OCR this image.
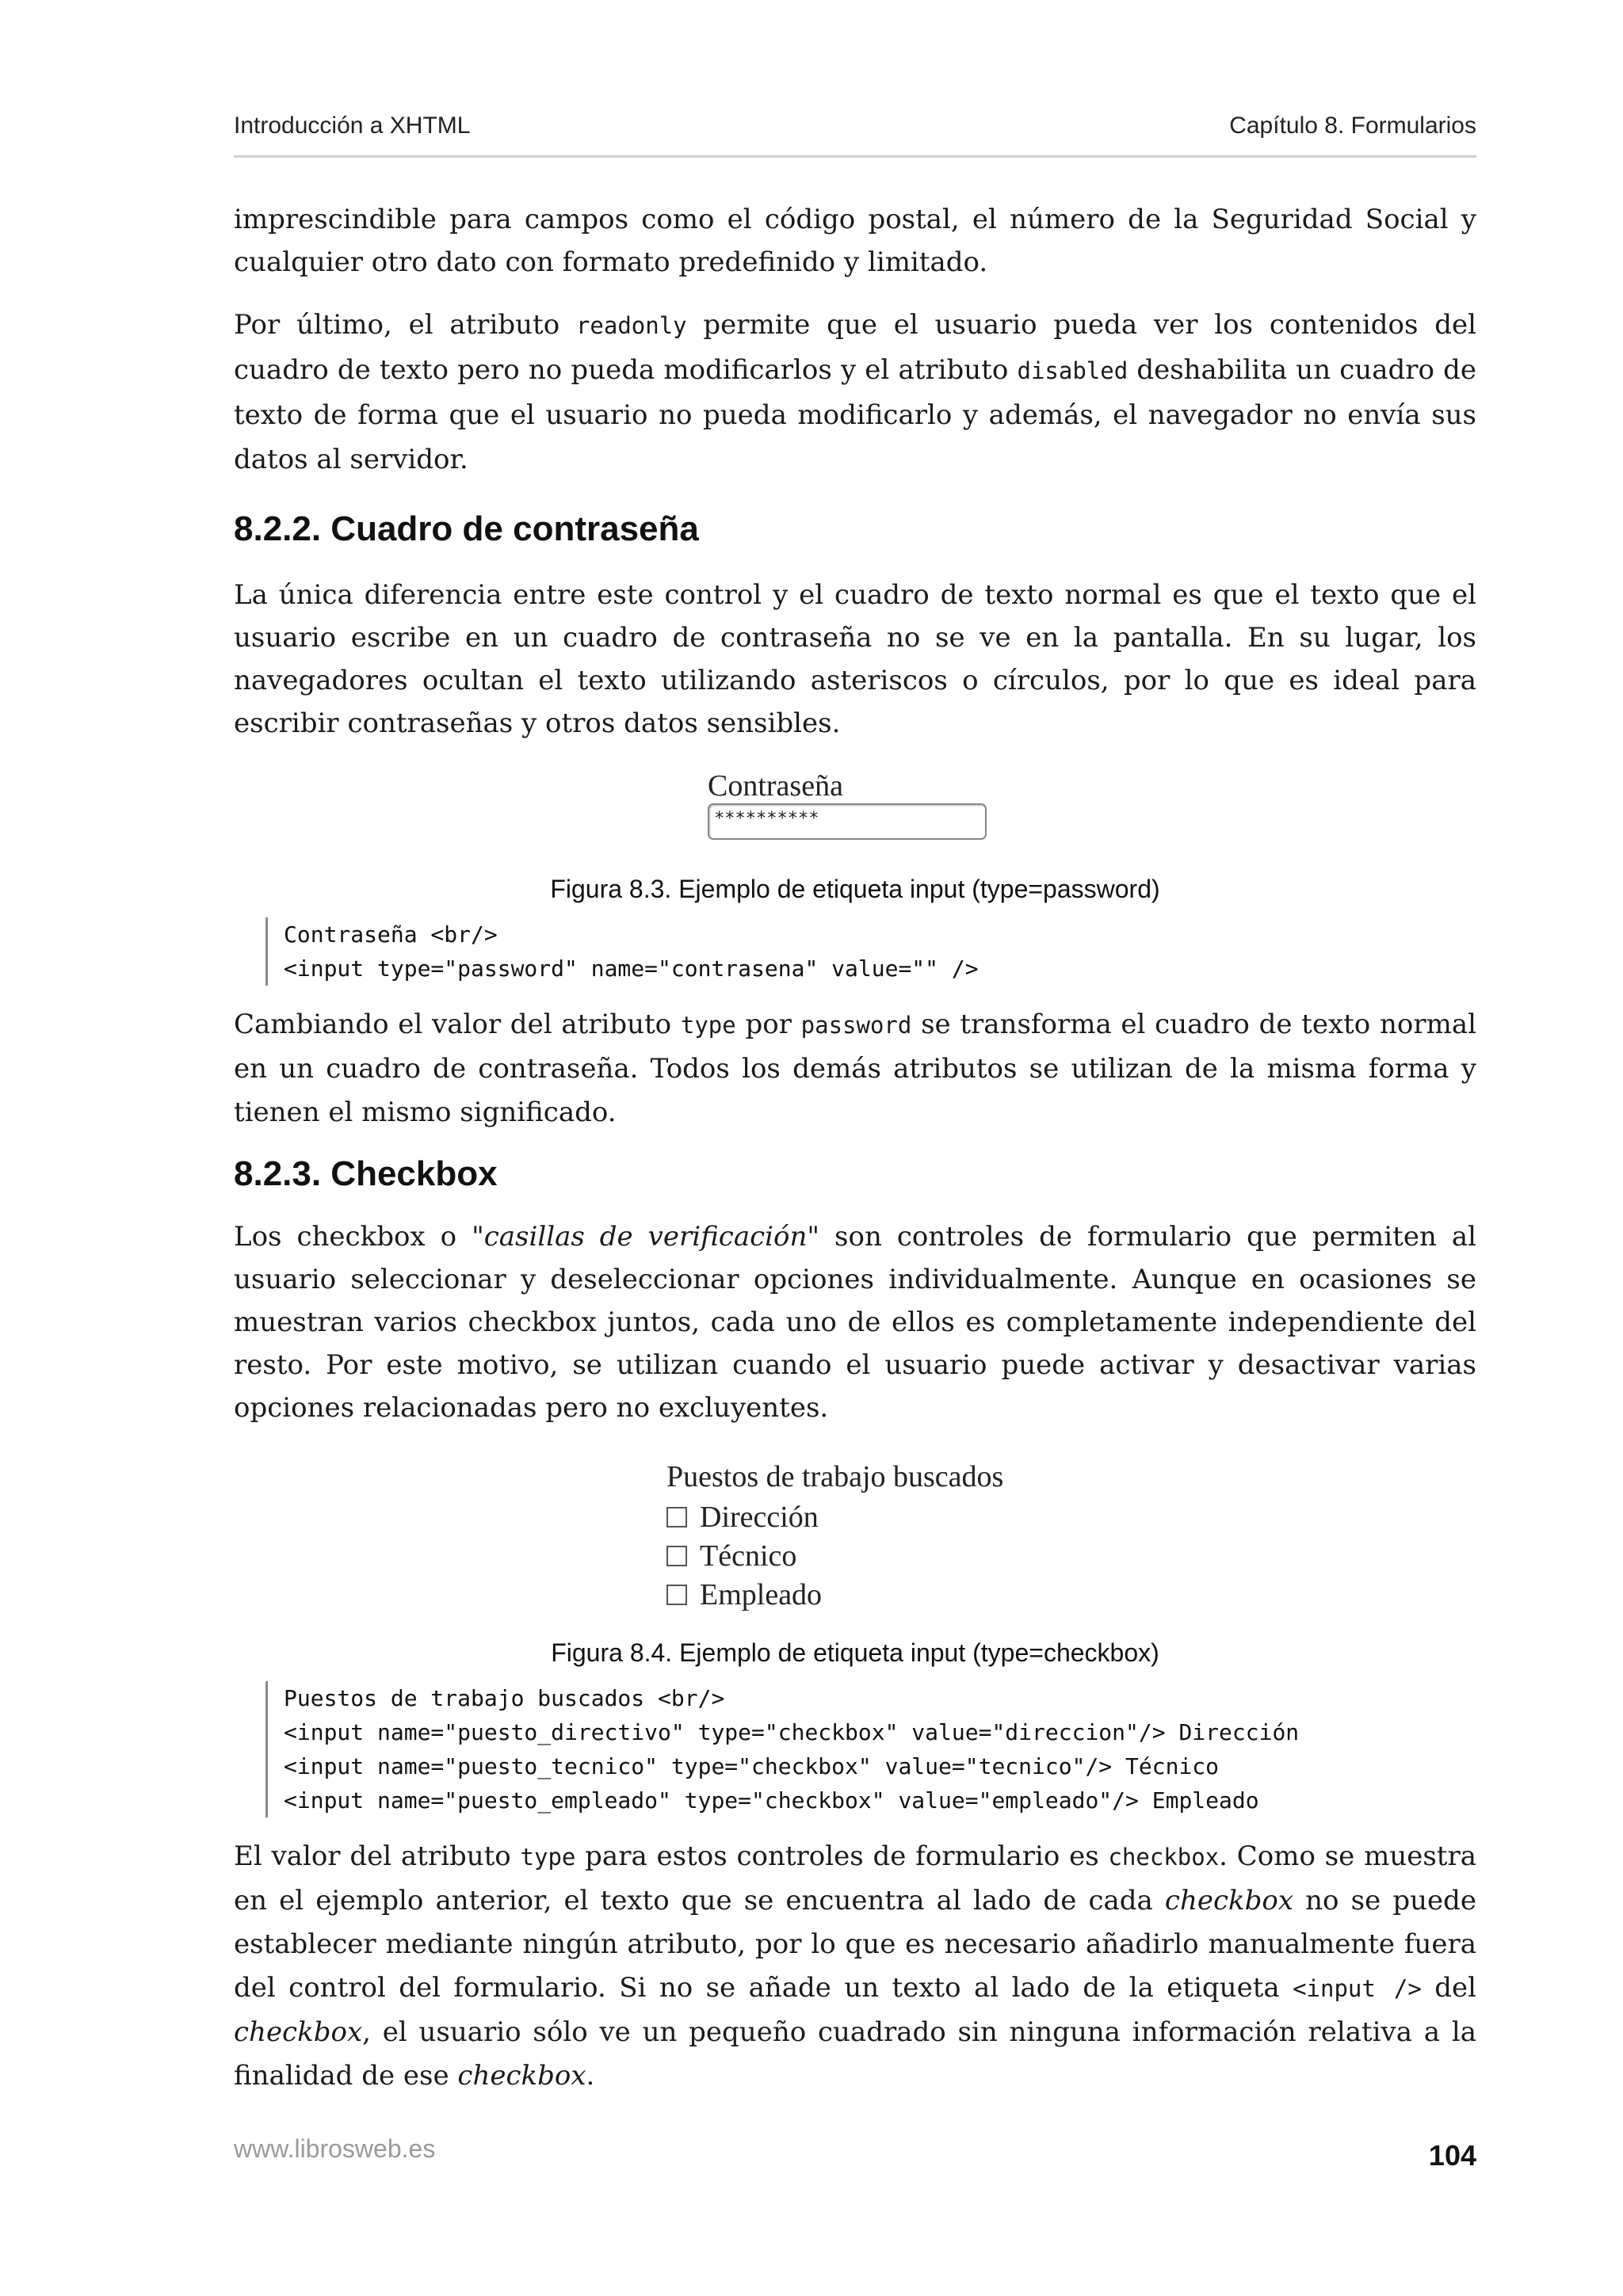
Introducción a XHTML	Capítulo 8. Formularios

imprescindible para campos como el código postal, el número de la Seguridad Social y cualquier otro dato con formato predefinido y limitado.

Por último, el atributo readonly permite que el usuario pueda ver los contenidos del cuadro de texto pero no pueda modificarlos y el atributo disabled deshabilita un cuadro de texto de forma que el usuario no pueda modificarlo y además, el navegador no envía sus datos al servidor.

8.2.2. Cuadro de contraseña

La única diferencia entre este control y el cuadro de texto normal es que el texto que el usuario escribe en un cuadro de contraseña no se ve en la pantalla. En su lugar, los navegadores ocultan el texto utilizando asteriscos o círculos, por lo que es ideal para escribir contraseñas y otros datos sensibles.

Contraseña
**********
Figura 8.3. Ejemplo de etiqueta input (type=password)
Contraseña <br/>
<input type="password" name="contrasena" value="" />

Cambiando el valor del atributo type por password se transforma el cuadro de texto normal en un cuadro de contraseña. Todos los demás atributos se utilizan de la misma forma y tienen el mismo significado.

8.2.3. Checkbox

Los checkbox o "casillas de verificación" son controles de formulario que permiten al usuario seleccionar y deseleccionar opciones individualmente. Aunque en ocasiones se muestran varios checkbox juntos, cada uno de ellos es completamente independiente del resto. Por este motivo, se utilizan cuando el usuario puede activar y desactivar varias opciones relacionadas pero no excluyentes.

Puestos de trabajo buscados
Dirección
Técnico
Empleado
Figura 8.4. Ejemplo de etiqueta input (type=checkbox)
Puestos de trabajo buscados <br/>
<input name="puesto_directivo" type="checkbox" value="direccion"/> Dirección
<input name="puesto_tecnico" type="checkbox" value="tecnico"/> Técnico
<input name="puesto_empleado" type="checkbox" value="empleado"/> Empleado

El valor del atributo type para estos controles de formulario es checkbox. Como se muestra en el ejemplo anterior, el texto que se encuentra al lado de cada checkbox no se puede establecer mediante ningún atributo, por lo que es necesario añadirlo manualmente fuera del control del formulario. Si no se añade un texto al lado de la etiqueta <input /> del checkbox, el usuario sólo ve un pequeño cuadrado sin ninguna información relativa a la finalidad de ese checkbox.

www.librosweb.es	104
